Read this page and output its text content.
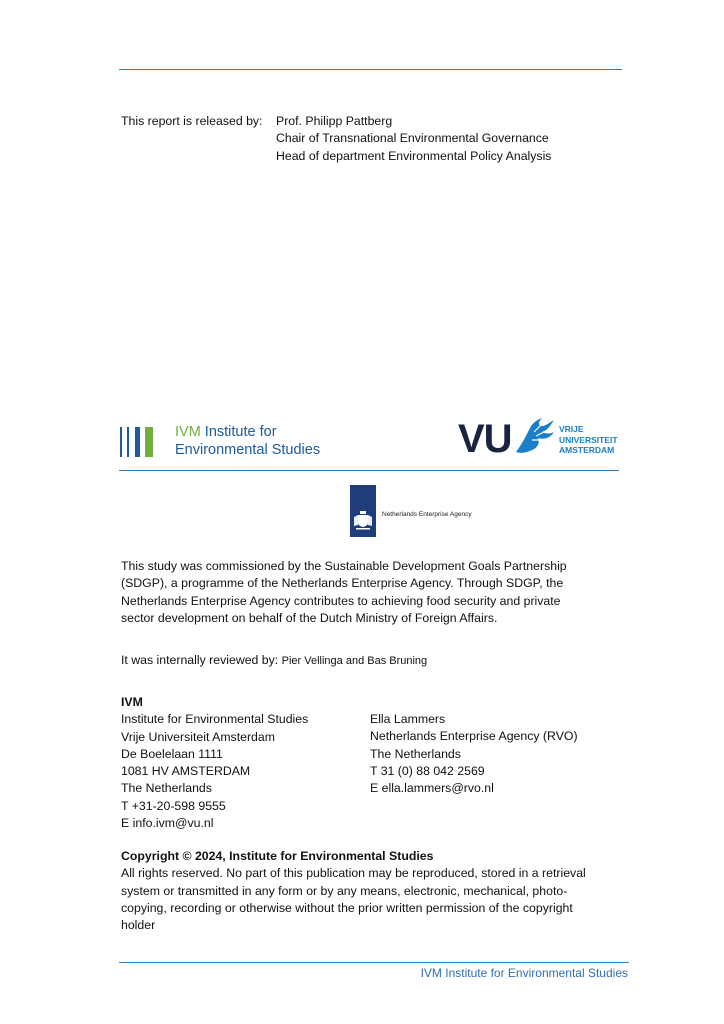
This report is released by: Prof. Philipp Pattberg
Chair of Transnational Environmental Governance
Head of department Environmental Policy Analysis
IVM Institute for
Environmental Studies	VU	VRIJE
UNIVERSITEIT
AMSTERDAM
Netherlands Enterprise Agency
This study was commissioned by the Sustainable Development Goals Partnership
(SDGP), a programme of the Netherlands Enterprise Agency. Through SDGP, the
Netherlands Enterprise Agency contributes to achieving food security and private
sector development on behalf of the Dutch Ministry of Foreign Affairs.
It was internally reviewed by: Pier Vellinga and Bas Bruning
IVM
Institute for Environmental Studies
Vrije Universiteit Amsterdam
De Boelelaan 1111
1081 HV AMSTERDAM
The Netherlands
T +31-20-598 9555
E info.ivm@vu.nl
Ella Lammers
Netherlands Enterprise Agency (RVO)
The Netherlands
T 31 (0) 88 042 2569
E ella.lammers@rvo.nl
Copyright © 2024, Institute for Environmental Studies
All rights reserved. No part of this publication may be reproduced, stored in a retrieval
system or transmitted in any form or by any means, electronic, mechanical, photo-
copying, recording or otherwise without the prior written permission of the copyright
holder
IVM Institute for Environmental Studies
